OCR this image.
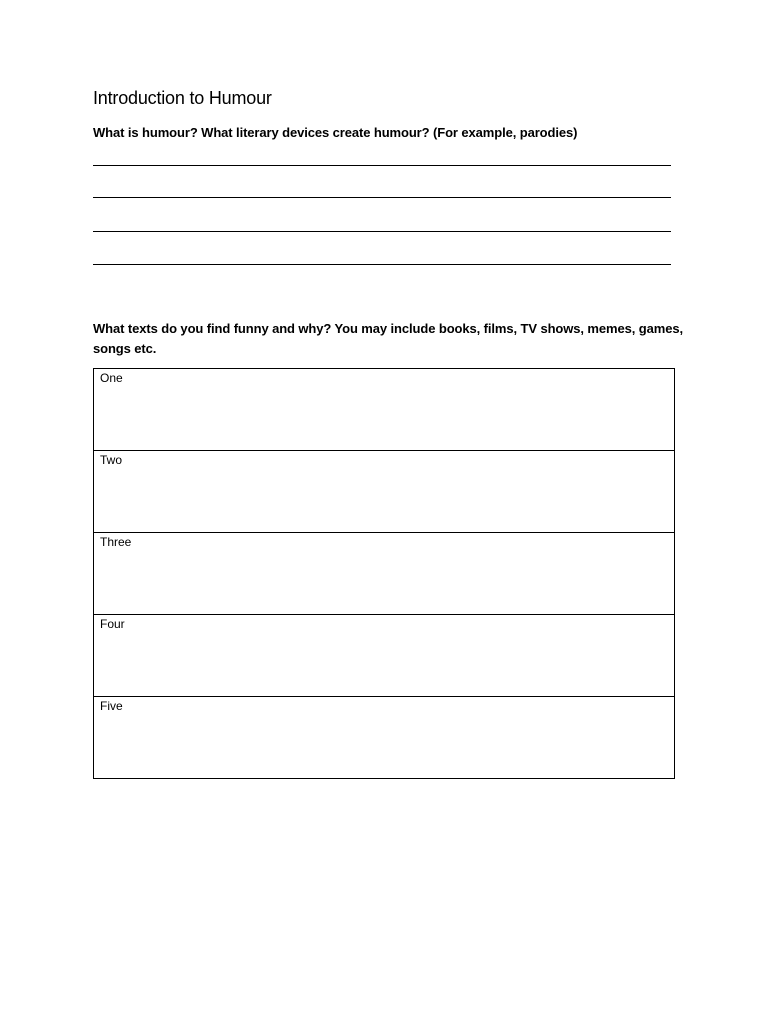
Introduction to Humour

What is humour? What literary devices create humour? (For example, parodies)

What texts do you find funny and why? You may include books, films, TV shows, memes, games, songs etc.

One
Two
Three
Four
Five
